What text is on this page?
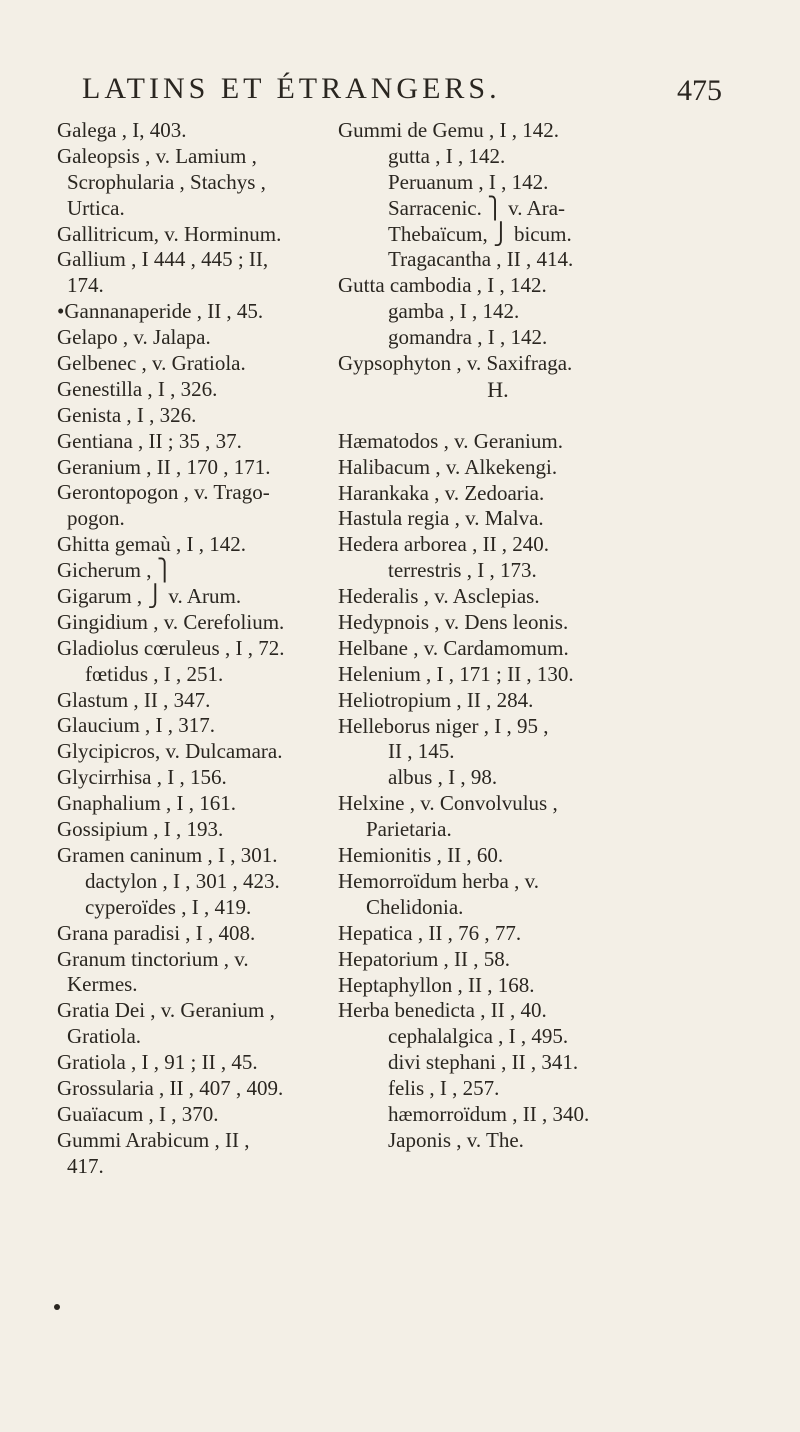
LATINS ET ÉTRANGERS.	475
Galega , I, 403.
Galeopsis , v. Lamium ,
Scrophularia , Stachys ,
Urtica.
Gallitricum, v. Horminum.
Gallium , I 444 , 445 ; II,
174.
•Gannanaperide , II , 45.
Gelapo , v. Jalapa.
Gelbenec , v. Gratiola.
Genestilla , I , 326.
Genista , I , 326.
Gentiana , II ; 35 , 37.
Geranium , II , 170 , 171.
Gerontopogon , v. Trago-
pogon.
Ghitta gemaù , I , 142.
Gicherum , ⎫
Gigarum , ⎭ v. Arum.
Gingidium , v. Cerefolium.
Gladiolus cœruleus , I , 72.
fœtidus , I , 251.
Glastum , II , 347.
Glaucium , I , 317.
Glycipicros, v. Dulcamara.
Glycirrhisa , I , 156.
Gnaphalium , I , 161.
Gossipium , I , 193.
Gramen caninum , I , 301.
dactylon , I , 301 , 423.
cyperoïdes , I , 419.
Grana paradisi , I , 408.
Granum tinctorium , v.
Kermes.
Gratia Dei , v. Geranium ,
Gratiola.
Gratiola , I , 91 ; II , 45.
Grossularia , II , 407 , 409.
Guaïacum , I , 370.
Gummi Arabicum , II ,
417.
Gummi de Gemu , I , 142.
gutta , I , 142.
Peruanum , I , 142.
Sarracenic. ⎫ v. Ara-
Thebaïcum, ⎭ bicum.
Tragacantha , II , 414.
Gutta cambodia , I , 142.
gamba , I , 142.
gomandra , I , 142.
Gypsophyton , v. Saxifraga.
H.
Hæmatodos , v. Geranium.
Halibacum , v. Alkekengi.
Harankaka , v. Zedoaria.
Hastula regia , v. Malva.
Hedera arborea , II , 240.
terrestris , I , 173.
Hederalis , v. Asclepias.
Hedypnois , v. Dens leonis.
Helbane , v. Cardamomum.
Helenium , I , 171 ; II , 130.
Heliotropium , II , 284.
Helleborus niger , I , 95 ,
II , 145.
albus , I , 98.
Helxine , v. Convolvulus ,
Parietaria.
Hemionitis , II , 60.
Hemorroïdum herba , v.
Chelidonia.
Hepatica , II , 76 , 77.
Hepatorium , II , 58.
Heptaphyllon , II , 168.
Herba benedicta , II , 40.
cephalalgica , I , 495.
divi stephani , II , 341.
felis , I , 257.
hæmorroïdum , II , 340.
Japonis , v. The.
